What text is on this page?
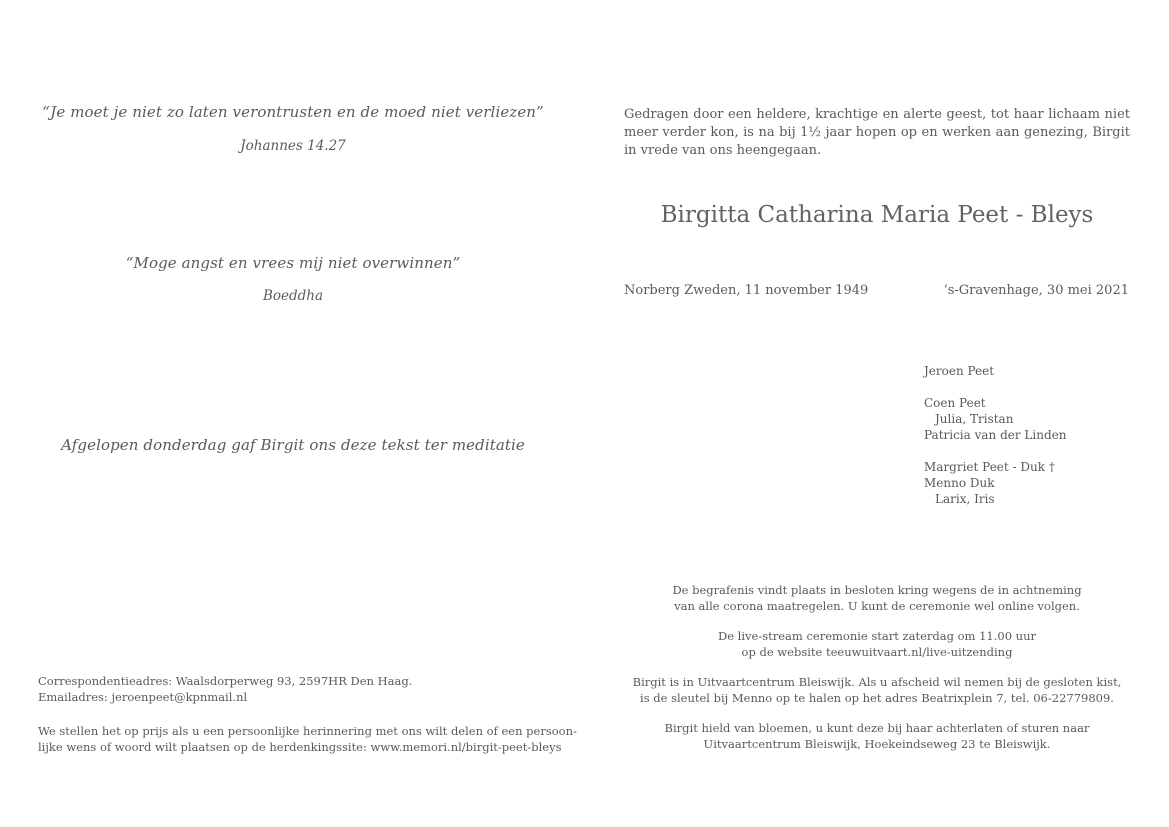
“Je moet je niet zo laten verontrusten en de moed niet verliezen”
Johannes 14.27
“Moge angst en vrees mij niet overwinnen”
Boeddha
Afgelopen donderdag gaf Birgit ons deze tekst ter meditatie
Correspondentieadres: Waalsdorperweg 93, 2597HR Den Haag.
Emailadres: jeroenpeet@kpnmail.nl
We stellen het op prijs als u een persoonlijke herinnering met ons wilt delen of een persoon-
lijke wens of woord wilt plaatsen op de herdenkingssite: www.memori.nl/birgit-peet-bleys
Gedragen door een heldere, krachtige en alerte geest, tot haar lichaam niet meer verder kon, is na bij 1½ jaar hopen op en werken aan genezing, Birgit in vrede van ons heengegaan.
Birgitta Catharina Maria Peet - Bleys
Norberg Zweden, 11 november 1949	‘s-Gravenhage, 30 mei 2021
Jeroen Peet
Coen Peet
Julia, Tristan
Patricia van der Linden
Margriet Peet - Duk †
Menno Duk
Larix, Iris
De begrafenis vindt plaats in besloten kring wegens de in achtneming
van alle corona maatregelen. U kunt de ceremonie wel online volgen.
De live-stream ceremonie start zaterdag om 11.00 uur
op de website teeuwuitvaart.nl/live-uitzending
Birgit is in Uitvaartcentrum Bleiswijk. Als u afscheid wil nemen bij de gesloten kist,
is de sleutel bij Menno op te halen op het adres Beatrixplein 7, tel. 06-22779809.
Birgit hield van bloemen, u kunt deze bij haar achterlaten of sturen naar
Uitvaartcentrum Bleiswijk, Hoekeindseweg 23 te Bleiswijk.
